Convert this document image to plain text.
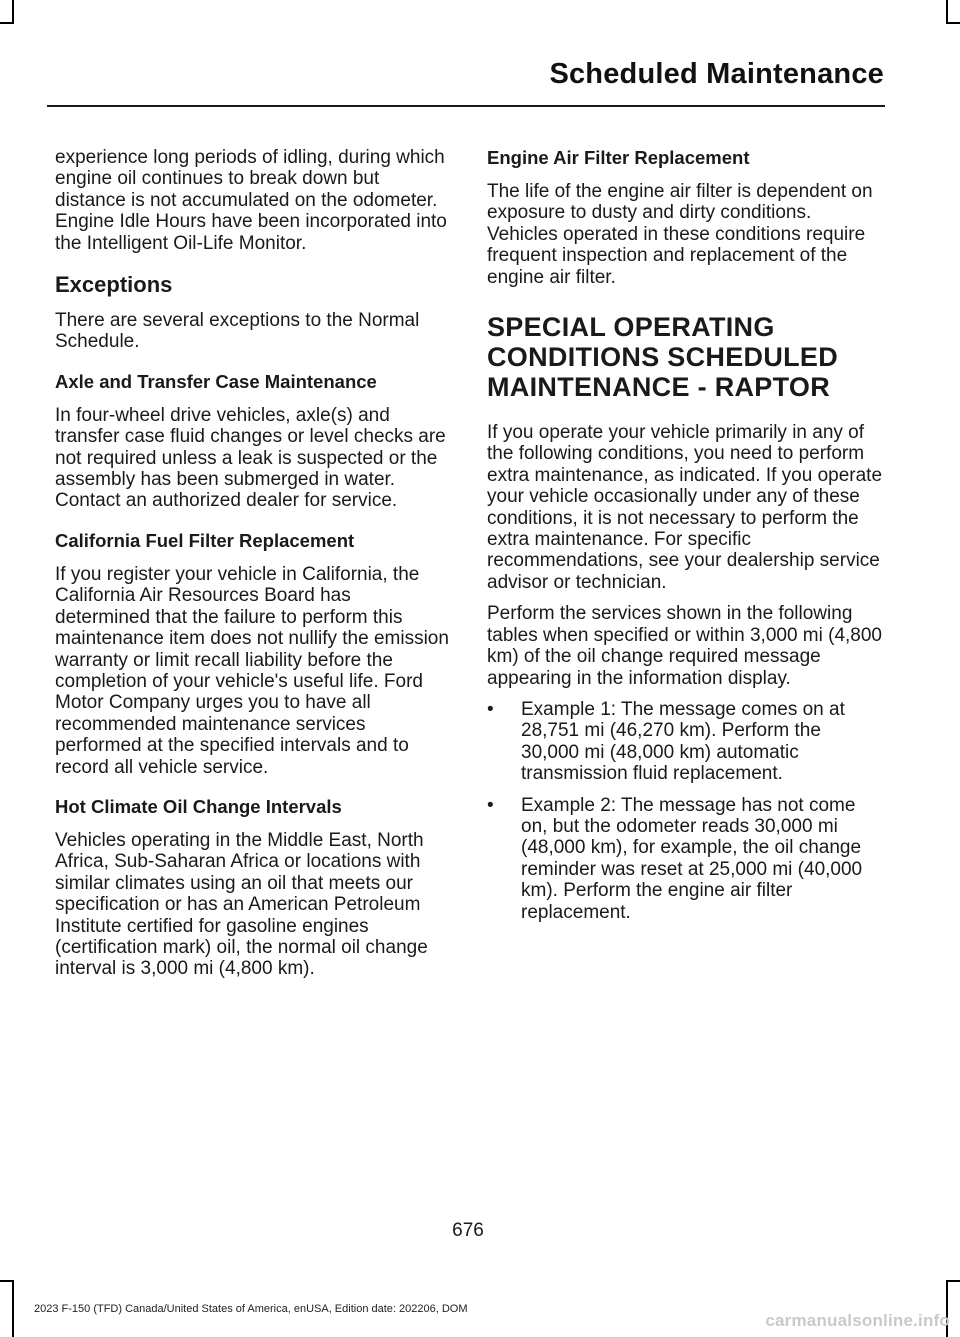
Scheduled Maintenance

experience long periods of idling, during which engine oil continues to break down but distance is not accumulated on the odometer. Engine Idle Hours have been incorporated into the Intelligent Oil-Life Monitor.

Exceptions

There are several exceptions to the Normal Schedule.

Axle and Transfer Case Maintenance

In four-wheel drive vehicles, axle(s) and transfer case fluid changes or level checks are not required unless a leak is suspected or the assembly has been submerged in water. Contact an authorized dealer for service.

California Fuel Filter Replacement

If you register your vehicle in California, the California Air Resources Board has determined that the failure to perform this maintenance item does not nullify the emission warranty or limit recall liability before the completion of your vehicle's useful life. Ford Motor Company urges you to have all recommended maintenance services performed at the specified intervals and to record all vehicle service.

Hot Climate Oil Change Intervals

Vehicles operating in the Middle East, North Africa, Sub-Saharan Africa or locations with similar climates using an oil that meets our specification or has an American Petroleum Institute certified for gasoline engines (certification mark) oil, the normal oil change interval is 3,000 mi (4,800 km).

Engine Air Filter Replacement

The life of the engine air filter is dependent on exposure to dusty and dirty conditions. Vehicles operated in these conditions require frequent inspection and replacement of the engine air filter.

SPECIAL OPERATING
CONDITIONS SCHEDULED
MAINTENANCE - RAPTOR

If you operate your vehicle primarily in any of the following conditions, you need to perform extra maintenance, as indicated. If you operate your vehicle occasionally under any of these conditions, it is not necessary to perform the extra maintenance. For specific recommendations, see your dealership service advisor or technician.

Perform the services shown in the following tables when specified or within 3,000 mi (4,800 km) of the oil change required message appearing in the information display.

• Example 1: The message comes on at 28,751 mi (46,270 km). Perform the 30,000 mi (48,000 km) automatic transmission fluid replacement.
• Example 2: The message has not come on, but the odometer reads 30,000 mi (48,000 km), for example, the oil change reminder was reset at 25,000 mi (40,000 km). Perform the engine air filter replacement.
676
2023 F-150 (TFD) Canada/United States of America, enUSA, Edition date: 202206, DOM
carmanualsonline.info
